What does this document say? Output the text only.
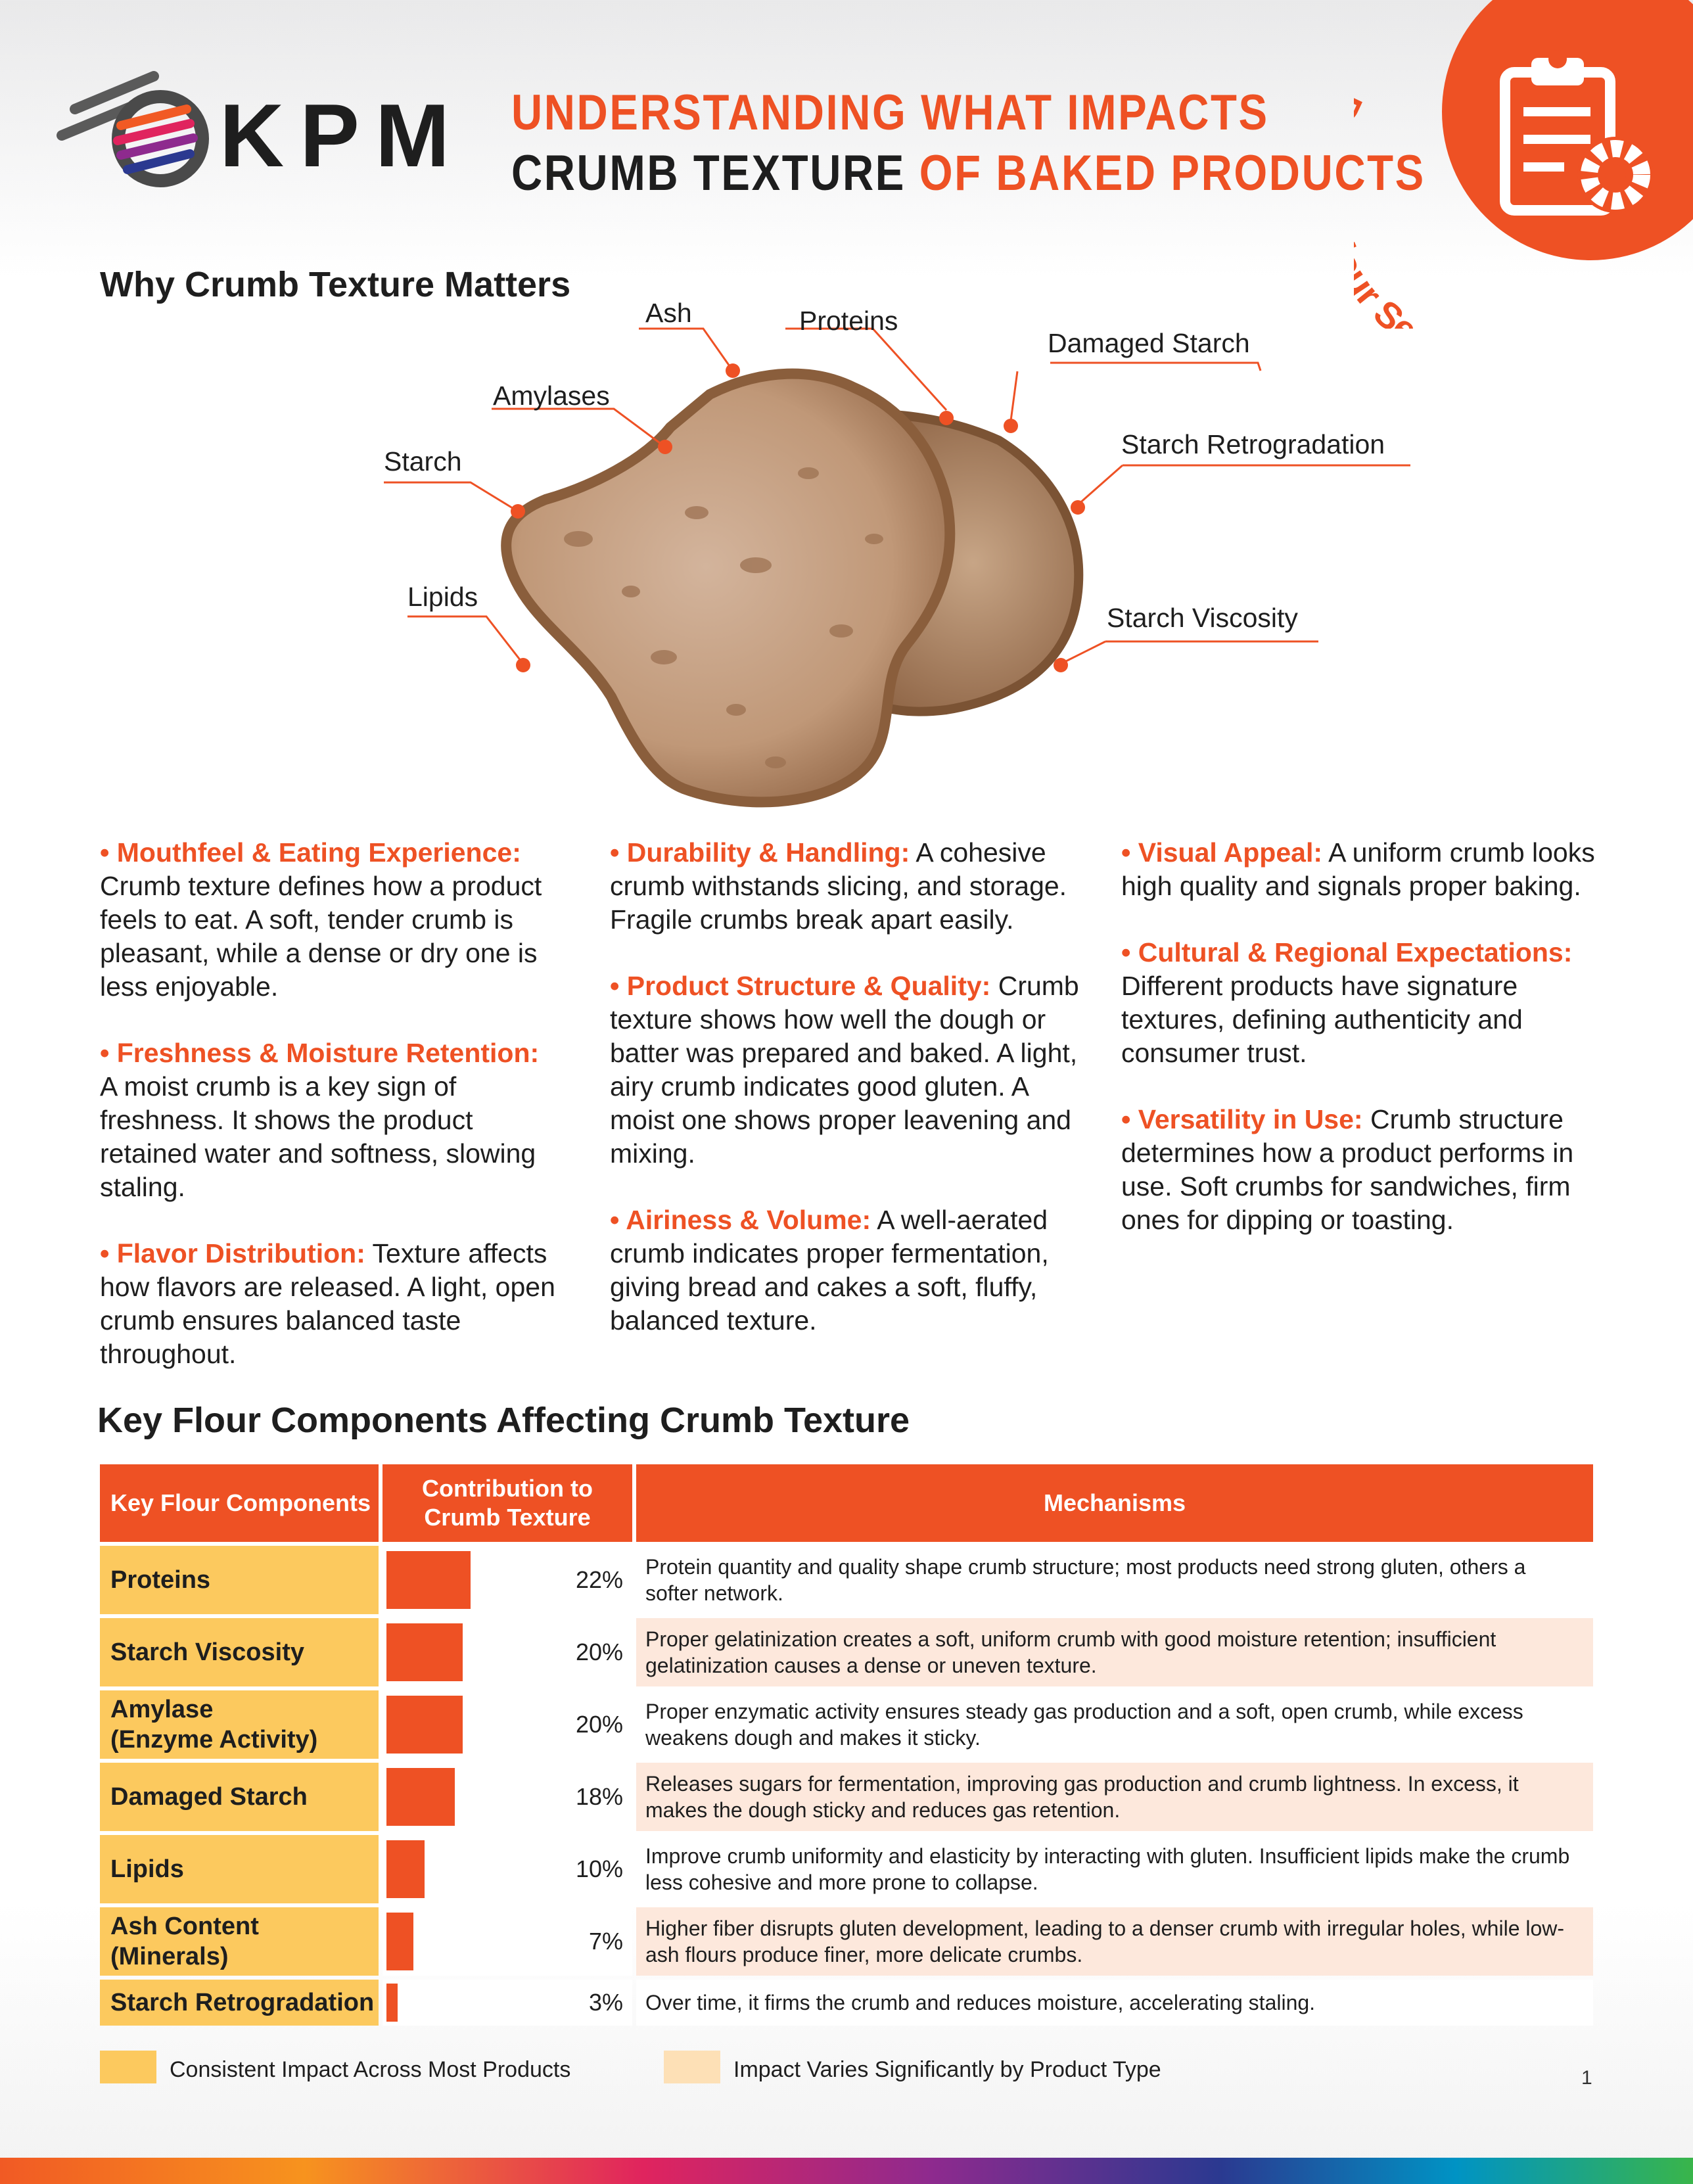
KPM UNDERSTANDING WHAT IMPACTS
CRUMB TEXTURE OF BAKED PRODUCTS
Se
Why Crumb Texture Matters
Ash	Proteins
Damaged Starch
Amylases
Starch Retrogradation
Starch
Lipids
Starch Viscosity
• Mouthfeel & Eating Experience:
Crumb texture defines how a product feels to eat. A soft, tender crumb is pleasant, while a dense or dry one is less enjoyable.
• Freshness & Moisture Retention:
A moist crumb is a key sign of freshness. It shows the product retained water and softness, slowing staling.
• Flavor Distribution: Texture affects how flavors are released. A light, open crumb ensures balanced taste throughout.
• Durability & Handling: A cohesive crumb withstands slicing, and storage. Fragile crumbs break apart easily.
• Product Structure & Quality: Crumb texture shows how well the dough or batter was prepared and baked. A light, airy crumb indicates good gluten. A moist one shows proper leavening and mixing.
• Airiness & Volume: A well-aerated crumb indicates proper fermentation, giving bread and cakes a soft, fluffy, balanced texture.
• Visual Appeal: A uniform crumb looks high quality and signals proper baking.
• Cultural & Regional Expectations: Different products have signature textures, defining authenticity and consumer trust.
• Versatility in Use: Crumb structure determines how a product performs in use. Soft crumbs for sandwiches, firm ones for dipping or toasting.
Key Flour Components Affecting Crumb Texture
Key Flour Components	Contribution to Crumb Texture	Mechanisms
Proteins	22%	Protein quantity and quality shape crumb structure; most products need strong gluten, others a softer network.
Starch Viscosity	20%	Proper gelatinization creates a soft, uniform crumb with good moisture retention; insufficient gelatinization causes a dense or uneven texture.
Amylase
(Enzyme Activity)	20%	Proper enzymatic activity ensures steady gas production and a soft, open crumb, while excess weakens dough and makes it sticky.
Damaged Starch	18%	Releases sugars for fermentation, improving gas production and crumb lightness. In excess, it makes the dough sticky and reduces gas retention.
Lipids	10%	Improve crumb uniformity and elasticity by interacting with gluten. Insufficient lipids make the crumb less cohesive and more prone to collapse.
Ash Content (Minerals)	7%	Higher fiber disrupts gluten development, leading to a denser crumb with irregular holes, while low-ash flours produce finer, more delicate crumbs.
Starch Retrogradation	3%	Over time, it firms the crumb and reduces moisture, accelerating staling.
Consistent Impact Across Most Products	Impact Varies Significantly by Product Type	1
